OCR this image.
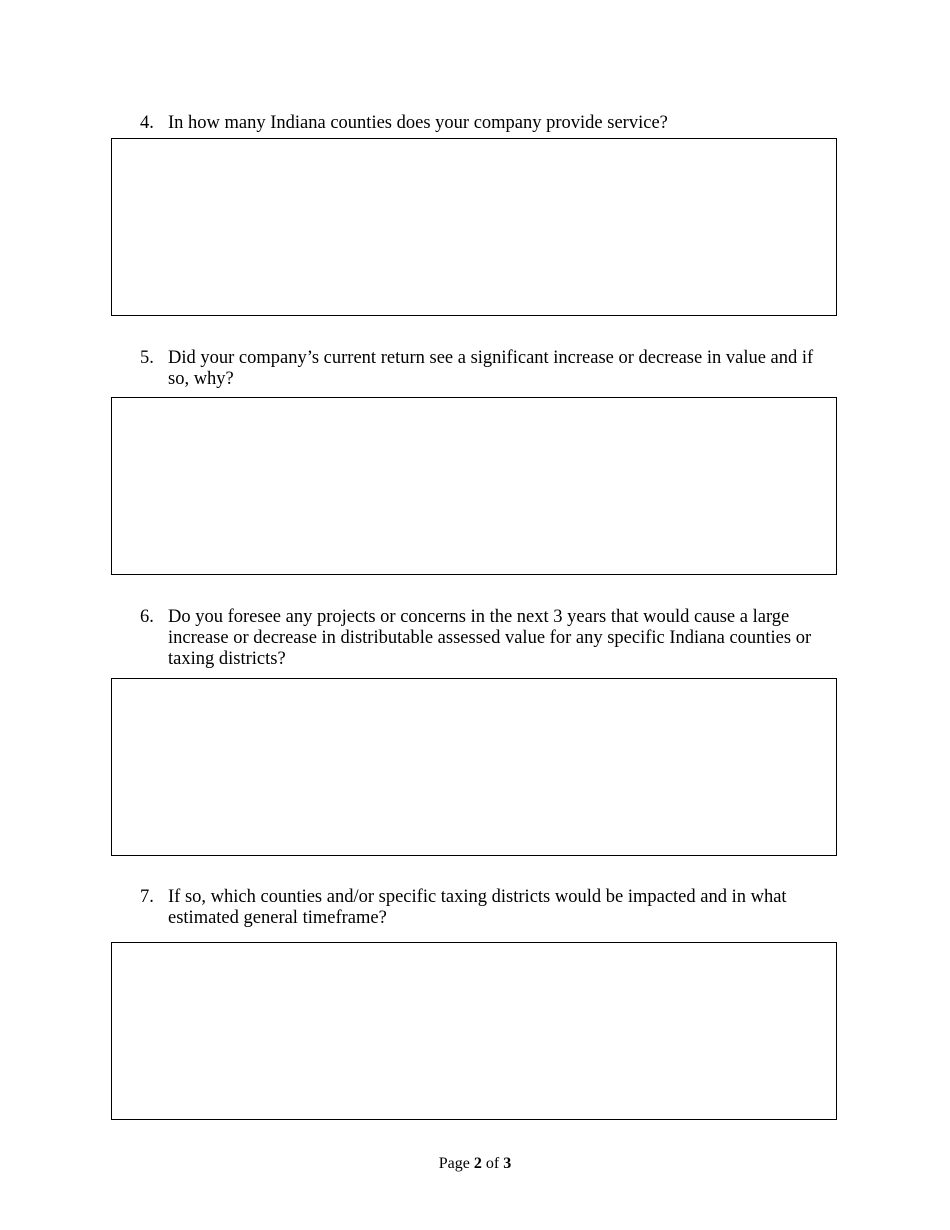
4. In how many Indiana counties does your company provide service?
5. Did your company’s current return see a significant increase or decrease in value and if so, why?
6. Do you foresee any projects or concerns in the next 3 years that would cause a large increase or decrease in distributable assessed value for any specific Indiana counties or taxing districts?
7. If so, which counties and/or specific taxing districts would be impacted and in what estimated general timeframe?
Page 2 of 3
